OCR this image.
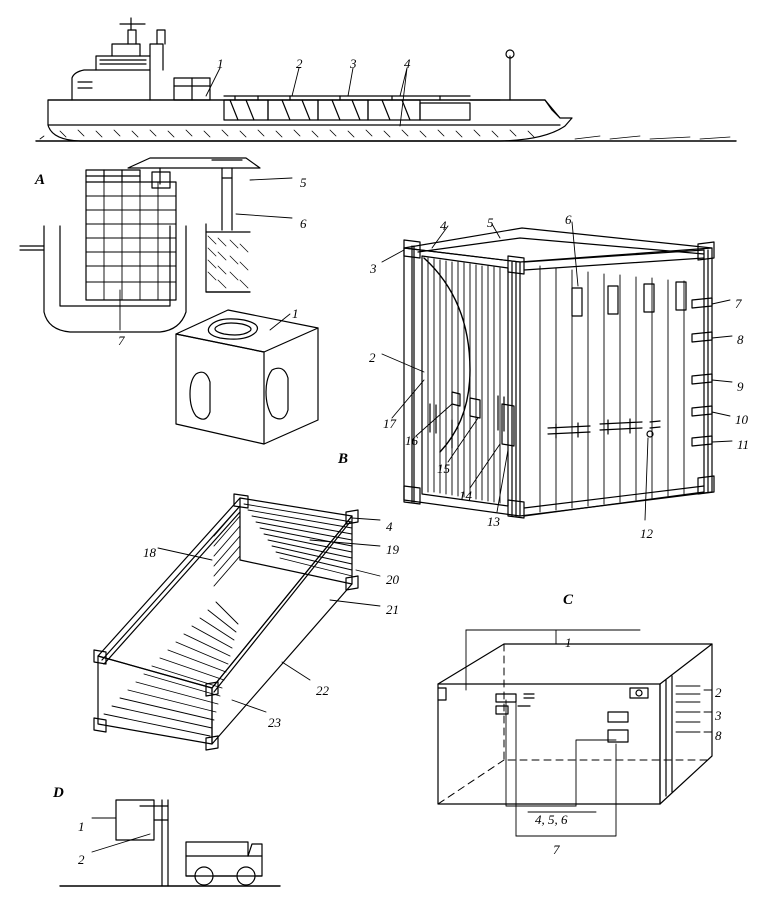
1	2	3	4
5
6
7
1
3
4	5	6
7
8
9
10
11
12
13
14
15
16
17
2
18
4
19
20
21
22
23
1
2
3
8
4, 5, 6
7
1
2
A
B
C
D
